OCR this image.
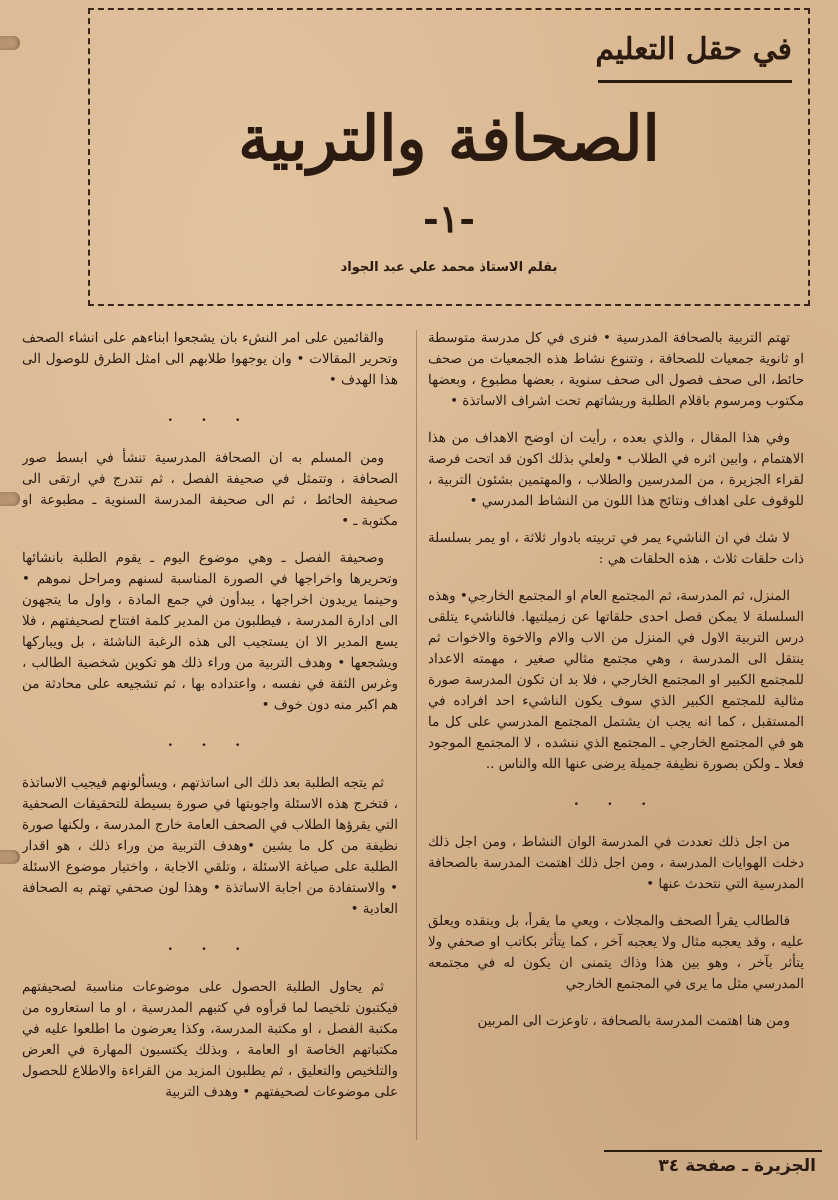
في حقل التعليم
الصحافة والتربية
-١-
بقلم الاستاذ محمد علي عبد الجواد

تهتم التربية بالصحافة المدرسية • فنرى في كل مدرسة متوسطة او ثانوية جمعيات للصحافة ، وتتنوع نشاط هذه الجمعيات من صحف حائط، الى صحف فصول الى صحف سنوية ، بعضها مطبوع ، وبعضها مكتوب ومرسوم باقلام الطلبة وريشاتهم تحت اشراف الاساتذة •

وفي هذا المقال ، والذي بعده ، رأيت ان اوضح الاهداف من هذا الاهتمام ، وابين اثره في الطلاب • ولعلي بذلك اكون قد اتحت فرصة لقراء الجزيرة ، من المدرسين والطلاب ، والمهتمين بشئون التربية ، للوقوف على اهداف ونتائج هذا اللون من النشاط المدرسي •

لا شك في ان الناشيء يمر في تربيته بادوار ثلاثة ، او يمر بسلسلة ذات حلقات ثلاث ، هذه الحلقات هي :

المنزل، ثم المدرسة، ثم المجتمع العام او المجتمع الخارجي• وهذه السلسلة لا يمكن فصل احدى حلقاتها عن زميلتيها. فالناشيء يتلقى درس التربية الاول في المنزل من الاب والام والاخوة والاخوات ثم ينتقل الى المدرسة ، وهي مجتمع مثالي صغير ، مهمته الاعداد للمجتمع الكبير او المجتمع الخارجي ، فلا بد ان تكون المدرسة صورة مثالية للمجتمع الكبير الذي سوف يكون الناشيء احد افراده في المستقبل ، كما انه يجب ان يشتمل المجتمع المدرسي على كل ما هو في المجتمع الخارجي ـ المجتمع الذي ننشده ، لا المجتمع الموجود فعلا ـ ولكن بصورة نظيفة جميلة يرضى عنها الله والناس ..

. . .

من اجل ذلك تعددت في المدرسة الوان النشاط ، ومن اجل ذلك دخلت الهوايات المدرسة ، ومن اجل ذلك اهتمت المدرسة بالصحافة المدرسية التي نتحدث عنها •

فالطالب يقرأ الصحف والمجلات ، ويعي ما يقرأ، بل وينقده ويعلق عليه ، وقد يعجبه مثال ولا يعجبه آخر ، كما يتأثر بكاتب او صحفي ولا يتأثر بآخر ، وهو بين هذا وذاك يتمنى ان يكون له في مجتمعه المدرسي مثل ما يرى في المجتمع الخارجي

ومن هنا اهتمت المدرسة بالصحافة ، تاوعزت الى المربين

والقائمين على امر النشء بان يشجعوا ابناءهم على انشاء الصحف وتحرير المقالات • وان يوجهوا طلابهم الى امثل الطرق للوصول الى هذا الهدف •

. . .

ومن المسلم به ان الصحافة المدرسية تنشأ في ابسط صور الصحافة ، وتتمثل في صحيفة الفصل ، ثم تتدرج في ارتقى الى صحيفة الحائط ، ثم الى صحيفة المدرسة السنوية ـ مطبوعة او مكتوبة ـ •

وصحيفة الفصل ـ وهي موضوع اليوم ـ يقوم الطلبة بانشائها وتحريرها واخراجها في الصورة المناسبة لسنهم ومراحل نموهم • وحينما يريدون اخراجها ، يبدأون في جمع المادة ، واول ما يتجهون الى ادارة المدرسة ، فيطلبون من المدير كلمة افتتاح لصحيفتهم ، فلا يسع المدير الا ان يستجيب الى هذه الرغبة الناشئة ، بل ويباركها ويشجعها • وهدف التربية من وراء ذلك هو تكوين شخصية الطالب ، وغرس الثقة في نفسه ، واعتداده بها ، ثم تشجيعه على محادثة من هم اكبر منه دون خوف •

. . .

ثم يتجه الطلبة بعد ذلك الى اساتذتهم ، ويسألونهم فيجيب الاساتذة ، فتخرج هذه الاسئلة واجوبتها في صورة بسيطة للتحقيقات الصحفية التي يقرؤها الطلاب في الصحف العامة خارج المدرسة ، ولكنها صورة نظيفة من كل ما يشين •وهدف التربية من وراء ذلك ، هو اقدار الطلبة على صياغة الاسئلة ، وتلقي الاجابة ، واختيار موضوع الاسئلة • والاستفادة من اجابة الاساتذة • وهذا لون صحفي تهتم به الصحافة العادية •

. . .

ثم يحاول الطلبة الحصول على موضوعات مناسبة لصحيفتهم فيكتبون تلخيصا لما قرأوه في كتبهم المدرسية ، او ما استعاروه من مكتبة الفصل ، او مكتبة المدرسة، وكذا يعرضون ما اطلعوا عليه في مكتباتهم الخاصة او العامة ، وبذلك يكتسبون المهارة في العرض والتلخيص والتعليق ، ثم يطلبون المزيد من القراءة والاطلاع للحصول على موضوعات لصحيفتهم • وهدف التربية

الجزيرة ـ صفحة ٣٤
